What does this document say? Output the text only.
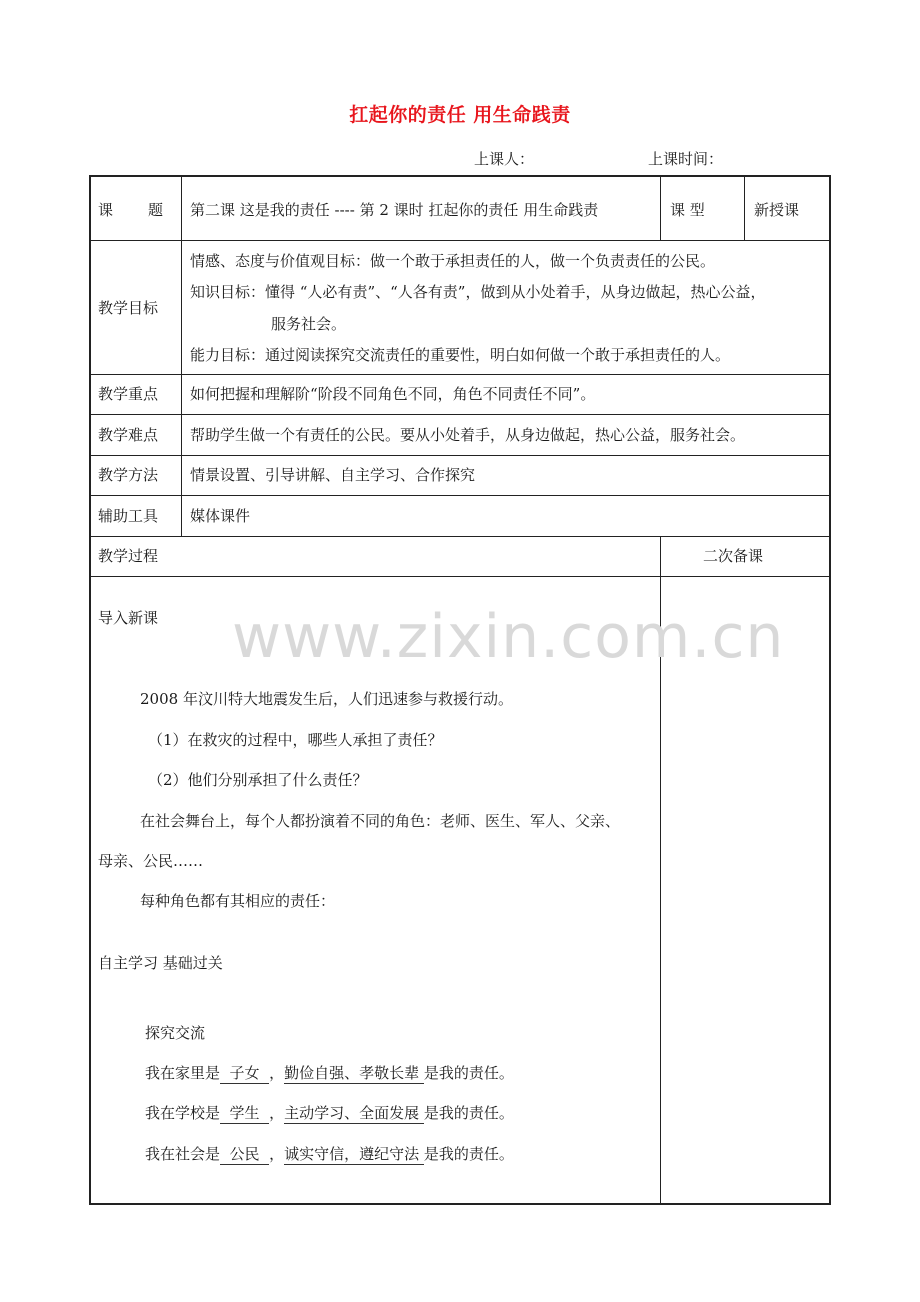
扛起你的责任 用生命践责
上课人：	上课时间：
课 题 第二课 这是我的责任 ---- 第 2 课时 扛起你的责任 用生命践责	课 型	新授课
教学目标
情感、态度与价值观目标：做一个敢于承担责任的人，做一个负责责任的公民。
知识目标：懂得 “人必有责”、“人各有责”，做到从小处着手，从身边做起，热心公益，
服务社会。
能力目标：通过阅读探究交流责任的重要性，明白如何做一个敢于承担责任的人。
教学重点 如何把握和理解阶“阶段不同角色不同，角色不同责任不同”。
教学难点 帮助学生做一个有责任的公民。要从小处着手，从身边做起，热心公益，服务社会。
教学方法 情景设置、引导讲解、自主学习、合作探究
辅助工具 媒体课件
教学过程	二次备课
www.zixin.com.cn
导入新课
2008 年汶川特大地震发生后，人们迅速参与救援行动。
（1）在救灾的过程中，哪些人承担了责任？
（2）他们分别承担了什么责任？
在社会舞台上，每个人都扮演着不同的角色：老师、医生、军人、父亲、
母亲、公民……
每种角色都有其相应的责任：
自主学习 基础过关
探究交流
我在家里是  子女  ，勤俭自强、孝敬长辈 是我的责任。
我在学校是  学生  ，主动学习、全面发展 是我的责任。
我在社会是  公民  ，诚实守信，遵纪守法 是我的责任。
